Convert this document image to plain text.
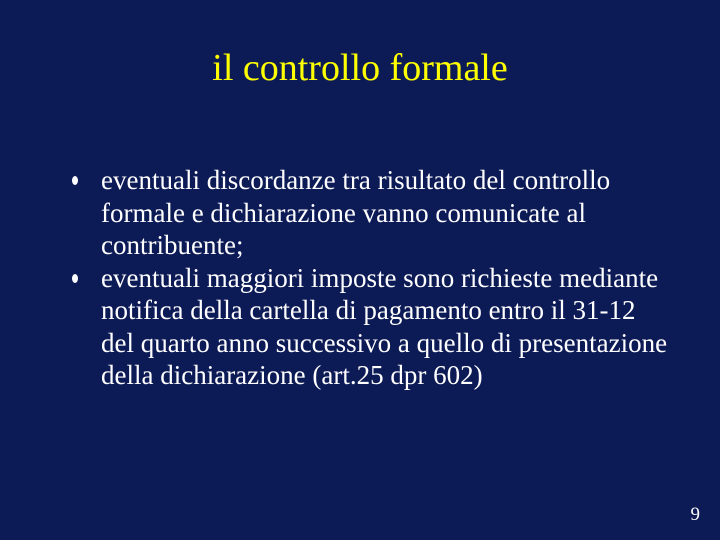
il controllo formale
eventuali discordanze tra risultato del controllo formale e dichiarazione vanno comunicate al contribuente;
eventuali maggiori imposte sono richieste mediante notifica della cartella di pagamento entro il 31-12 del quarto anno successivo a quello di presentazione della dichiarazione (art.25 dpr 602)
9
